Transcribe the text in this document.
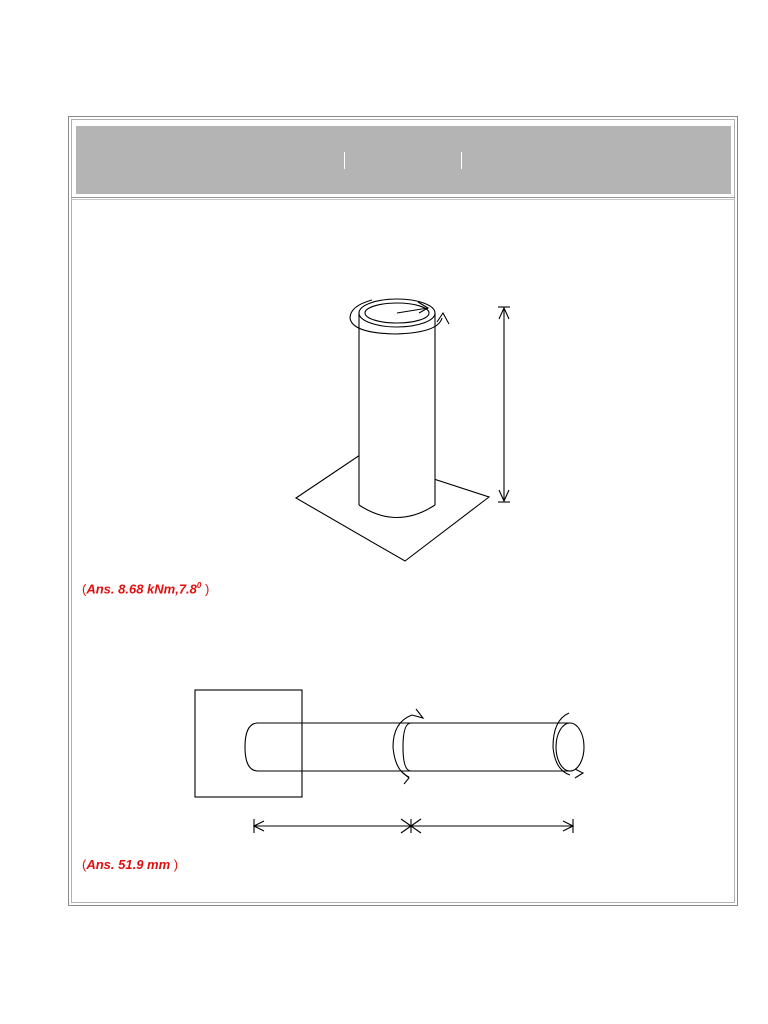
(Ans. 8.68 kNm,7.8$^0$ )
(Ans. 51.9 mm )
